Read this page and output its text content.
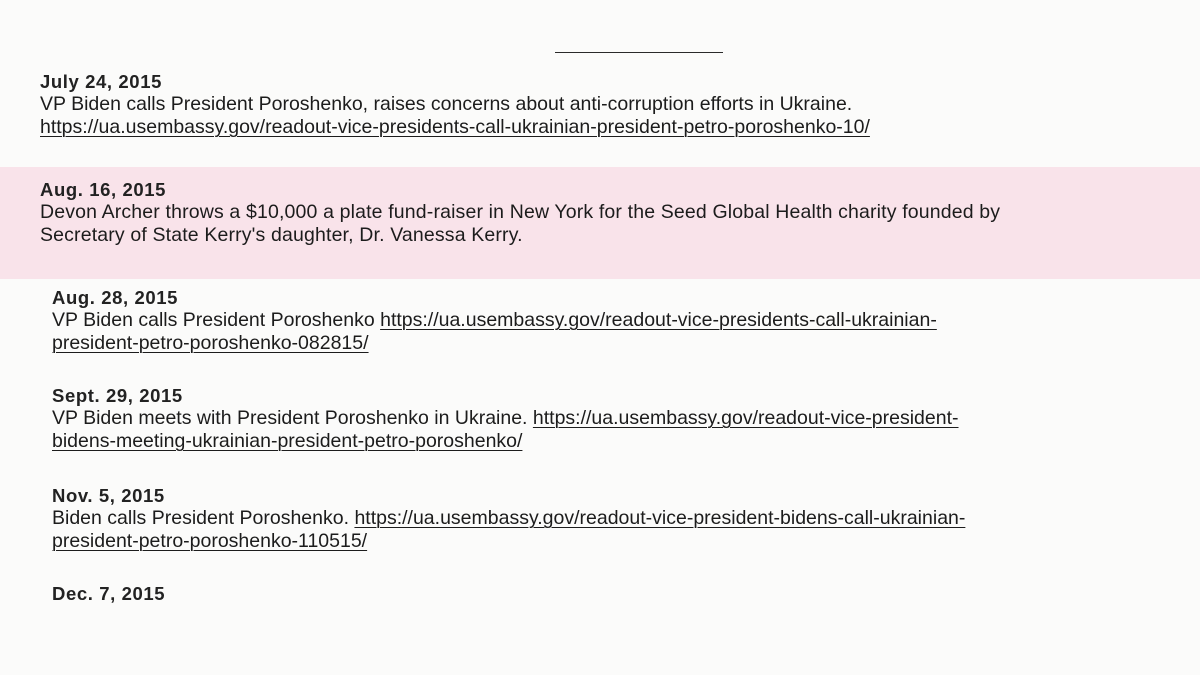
July 24, 2015
VP Biden calls President Poroshenko, raises concerns about anti-corruption efforts in Ukraine.
https://ua.usembassy.gov/readout-vice-presidents-call-ukrainian-president-petro-poroshenko-10/
Aug. 16, 2015
Devon Archer throws a $10,000 a plate fund-raiser in New York for the Seed Global Health charity founded by
Secretary of State Kerry's daughter, Dr. Vanessa Kerry.
Aug. 28, 2015
VP Biden calls President Poroshenko https://ua.usembassy.gov/readout-vice-presidents-call-ukrainian-
president-petro-poroshenko-082815/
Sept. 29, 2015
VP Biden meets with President Poroshenko in Ukraine. https://ua.usembassy.gov/readout-vice-president-
bidens-meeting-ukrainian-president-petro-poroshenko/
Nov. 5, 2015
Biden calls President Poroshenko. https://ua.usembassy.gov/readout-vice-president-bidens-call-ukrainian-
president-petro-poroshenko-110515/
Dec. 7, 2015
